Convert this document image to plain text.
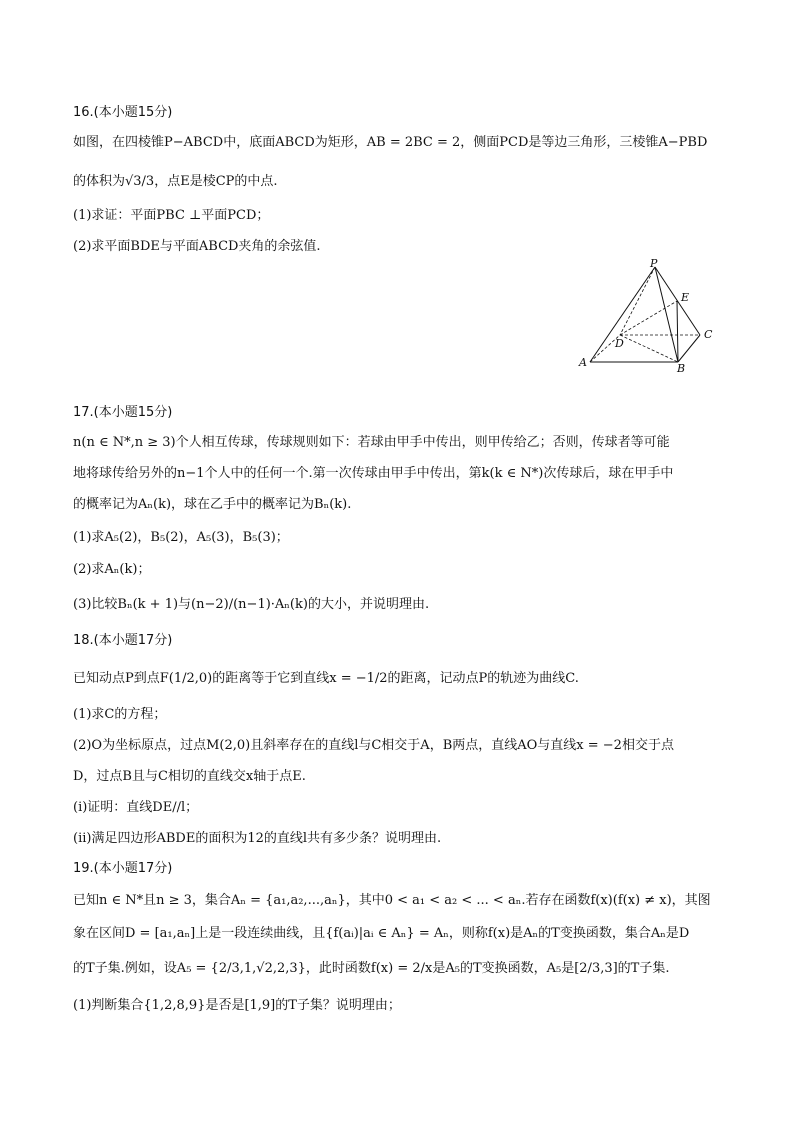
16.(本小题15分)
如图，在四棱锥P−ABCD中，底面ABCD为矩形，AB = 2BC = 2，侧面PCD是等边三角形，三棱锥A−PBD
的体积为√3/3，点E是棱CP的中点.
(1)求证：平面PBC ⊥平面PCD；
(2)求平面BDE与平面ABCD夹角的余弦值.
P
E
C
D
A	B
17.(本小题15分)
n(n ∈ N*,n ≥ 3)个人相互传球，传球规则如下：若球由甲手中传出，则甲传给乙；否则，传球者等可能
地将球传给另外的n−1个人中的任何一个.第一次传球由甲手中传出，第k(k ∈ N*)次传球后，球在甲手中
的概率记为Aₙ(k)，球在乙手中的概率记为Bₙ(k).
(1)求A₅(2)，B₅(2)，A₅(3)，B₅(3)；
(2)求Aₙ(k)；
(3)比较Bₙ(k + 1)与(n−2)/(n−1)·Aₙ(k)的大小，并说明理由.
18.(本小题17分)
已知动点P到点F(1/2,0)的距离等于它到直线x = −1/2的距离，记动点P的轨迹为曲线C.
(1)求C的方程；
(2)O为坐标原点，过点M(2,0)且斜率存在的直线l与C相交于A，B两点，直线AO与直线x = −2相交于点
D，过点B且与C相切的直线交x轴于点E.
(i)证明：直线DE//l；
(ii)满足四边形ABDE的面积为12的直线l共有多少条？说明理由.
19.(本小题17分)
已知n ∈ N*且n ≥ 3，集合Aₙ = {a₁,a₂,...,aₙ}，其中0 < a₁ < a₂ < ... < aₙ.若存在函数f(x)(f(x) ≠ x)，其图
象在区间D = [a₁,aₙ]上是一段连续曲线，且{f(aᵢ)|aᵢ ∈ Aₙ} = Aₙ，则称f(x)是Aₙ的T变换函数，集合Aₙ是D
的T子集.例如，设A₅ = {2/3,1,√2,2,3}，此时函数f(x) = 2/x是A₅的T变换函数，A₅是[2/3,3]的T子集.
(1)判断集合{1,2,8,9}是否是[1,9]的T子集？说明理由；
